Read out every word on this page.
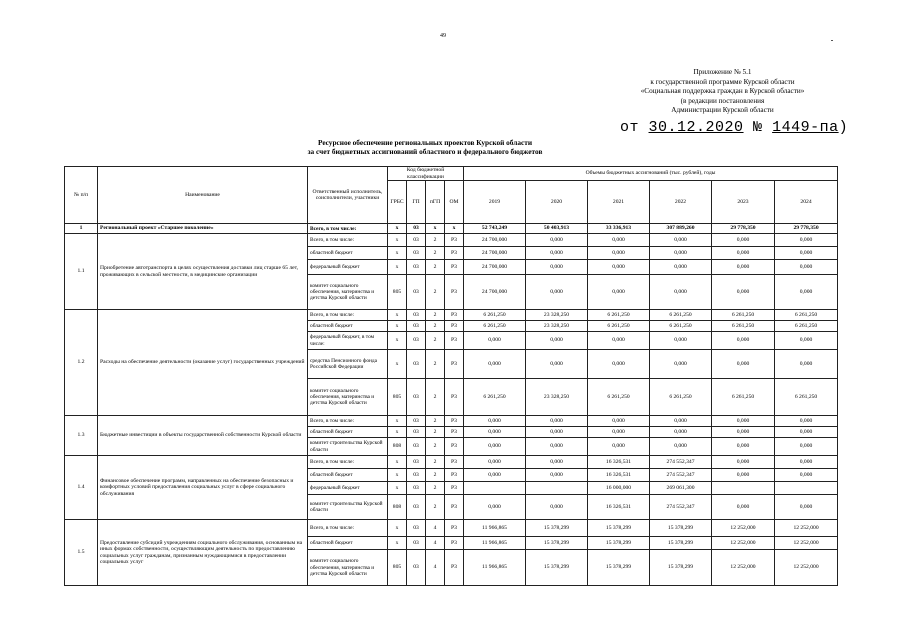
49
Приложение № 5.1
к государственной программе Курской области
«Социальная поддержка граждан в Курской области»
(в редакции постановления
Администрации Курской области
от 30.12.2020 № 1449-па)
Ресурсное обеспечение региональных проектов Курской области
за счет бюджетных ассигнований областного и федерального бюджетов
№ п/п	Наименование	Ответственный исполнитель, соисполнители, участники	Код бюджетной классификации				Объемы бюджетных ассигнований (тыс. рублей), годы					
			ГРБС	ГП	пГП	ОМ	2019	2020	2021	2022	2023	2024
1	Региональный проект «Старшее поколение»	Всего, в том числе:	x	03	x	x	52 743,249	50 403,913	33 336,913	307 889,260	29 778,350	29 778,350
1.1	Приобретение автотранспорта в целях осуществления доставки лиц старше 65 лет, проживающих в сельской местности, в медицинские организации	Всего, в том числе:	x	03	2	P3	24 700,000	0,000	0,000	0,000	0,000	0,000
		областной бюджет	x	03	2	P3	24 700,000	0,000	0,000	0,000	0,000	0,000
		федеральный бюджет	x	03	2	P3	24 700,000	0,000	0,000	0,000	0,000	0,000
		комитет социального обеспечения, материнства и детства Курской области	805	03	2	P3	24 700,000	0,000	0,000	0,000	0,000	0,000
1.2	Расходы на обеспечение деятельности (оказание услуг) государственных учреждений	Всего, в том числе:	x	03	2	P3	6 261,250	23 328,250	6 261,250	6 261,250	6 261,250	6 261,250
		областной бюджет	x	03	2	P3	6 261,250	23 328,250	6 261,250	6 261,250	6 261,250	6 261,250
		федеральный бюджет, в том числе:	x	03	2	P3	0,000	0,000	0,000	0,000	0,000	0,000
		средства Пенсионного фонда Российской Федерации	x	03	2	P3	0,000	0,000	0,000	0,000	0,000	0,000
		комитет социального обеспечения, материнства и детства Курской области	805	03	2	P3	6 261,250	23 328,250	6 261,250	6 261,250	6 261,250	6 261,250
1.3	Бюджетные инвестиции в объекты государственной собственности Курской области	Всего, в том числе:	x	03	2	P3	0,000	0,000	0,000	0,000	0,000	0,000
		областной бюджет	x	03	2	P3	0,000	0,000	0,000	0,000	0,000	0,000
		комитет строительства Курской области	808	03	2	P3	0,000	0,000	0,000	0,000	0,000	0,000
1.4	Финансовое обеспечение программ, направленных на обеспечение безопасных и комфортных условий предоставления социальных услуг в сфере социального обслуживания	Всего, в том числе:	x	03	2	P3	0,000	0,000	16 326,531	274 552,347	0,000	0,000
		областной бюджет	x	03	2	P3	0,000	0,000	16 326,531	274 552,347	0,000	0,000
		федеральный бюджет	x	03	2	P3			16 000,000	269 061,300		
		комитет строительства Курской области	808	03	2	P3	0,000	0,000	16 326,531	274 552,347	0,000	0,000
1.5	Предоставление субсидий учреждениям социального обслуживания, основанным на иных формах собственности, осуществляющим деятельность по предоставлению социальных услуг гражданам, признанным нуждающимися в предоставлении социальных услуг	Всего, в том числе:	x	03	4	P3	11 966,865	15 378,299	15 378,299	15 378,299	12 252,000	12 252,000
		областной бюджет	x	03	4	P3	11 966,865	15 378,299	15 378,299	15 378,299	12 252,000	12 252,000
		комитет социального обеспечения, материнства и детства Курской области	805	03	4	P3	11 966,865	15 378,299	15 378,299	15 378,299	12 252,000	12 252,000
